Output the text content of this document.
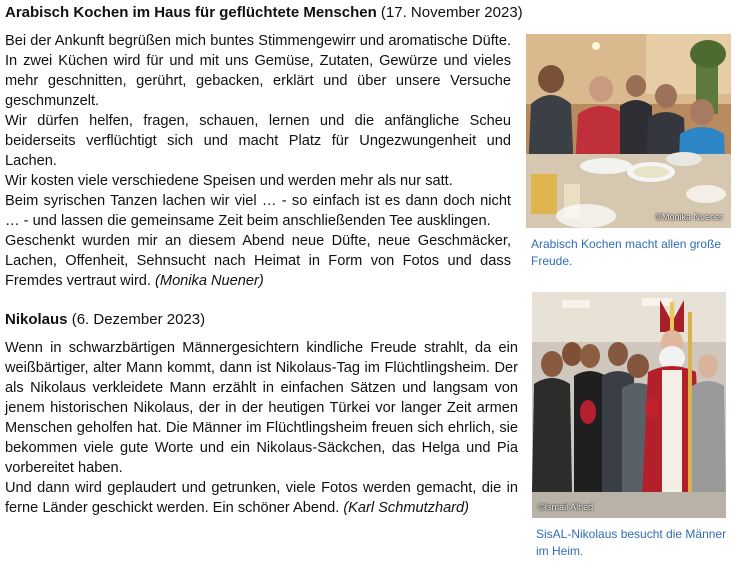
Arabisch Kochen im Haus für geflüchtete Menschen (17. November 2023)

Bei der Ankunft begrüßen mich buntes Stimmengewirr und aromatische Düfte. In zwei Küchen wird für und mit uns Gemüse, Zutaten, Gewürze und vieles mehr geschnitten, gerührt, gebacken, erklärt und über unsere Versuche geschmunzelt.

Wir dürfen helfen, fragen, schauen, lernen und die anfängliche Scheu beiderseits verflüchtigt sich und macht Platz für Ungezwungenheit und Lachen.

Wir kosten viele verschiedene Speisen und werden mehr als nur satt.

Beim syrischen Tanzen lachen wir viel … - so einfach ist es dann doch nicht … - und lassen die gemeinsame Zeit beim anschließenden Tee ausklingen.

Geschenkt wurden mir an diesem Abend neue Düfte, neue Geschmäcker, Lachen, Offenheit, Sehnsucht nach Heimat in Form von Fotos und dass Fremdes vertraut wird. (Monika Nuener)

©Monika Nuener
Arabisch Kochen macht allen große Freude.
Nikolaus (6. Dezember 2023)

Wenn in schwarzbärtigen Männergesichtern kindliche Freude strahlt, da ein weißbärtiger, alter Mann kommt, dann ist Nikolaus-Tag im Flüchtlingsheim. Der als Nikolaus verkleidete Mann erzählt in einfachen Sätzen und langsam von jenem historischen Nikolaus, der in der heutigen Türkei vor langer Zeit armen Menschen geholfen hat. Die Männer im Flüchtlingsheim freuen sich ehrlich, sie bekommen viele gute Worte und ein Nikolaus-Säckchen, das Helga und Pia vorbereitet haben.

Und dann wird geplaudert und getrunken, viele Fotos werden gemacht, die in ferne Länder geschickt werden. Ein schöner Abend. (Karl Schmutzhard)	©Ismail Alhed
SisAL-Nikolaus besucht die Männer im Heim.
